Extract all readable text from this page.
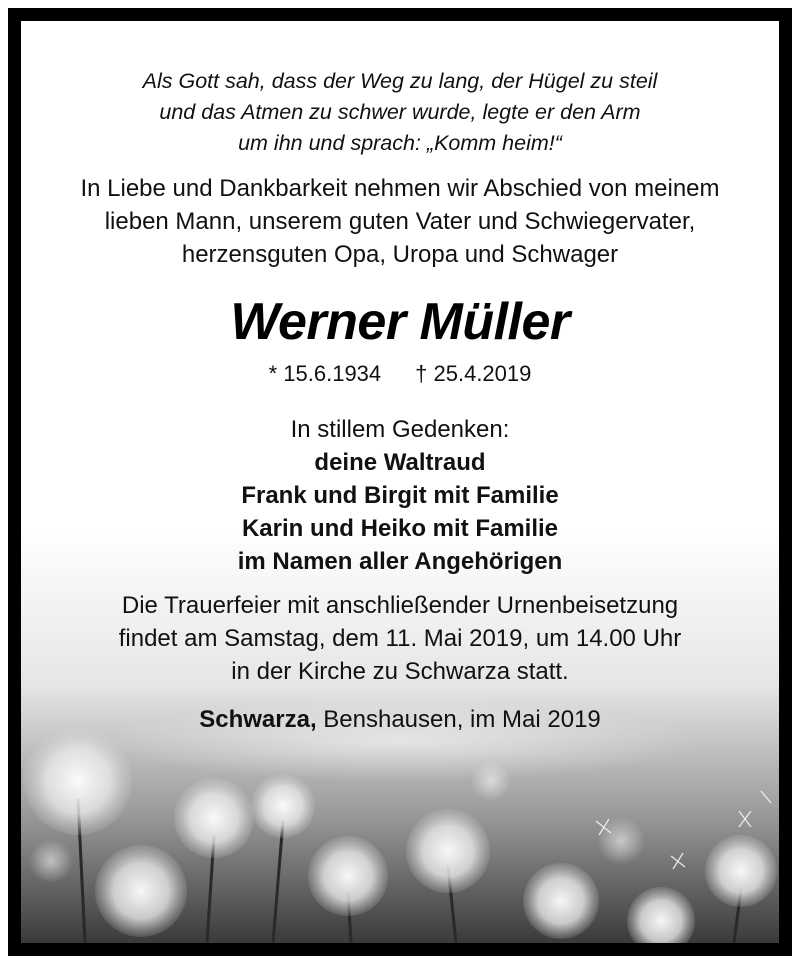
Als Gott sah, dass der Weg zu lang, der Hügel zu steil
und das Atmen zu schwer wurde, legte er den Arm
um ihn und sprach: „Komm heim!“
In Liebe und Dankbarkeit nehmen wir Abschied von meinem
lieben Mann, unserem guten Vater und Schwiegervater,
herzensguten Opa, Uropa und Schwager
Werner Müller
* 15.6.1934 † 25.4.2019
In stillem Gedenken:
deine Waltraud
Frank und Birgit mit Familie
Karin und Heiko mit Familie
im Namen aller Angehörigen
Die Trauerfeier mit anschließender Urnenbeisetzung
findet am Samstag, dem 11. Mai 2019, um 14.00 Uhr
in der Kirche zu Schwarza statt.
Schwarza, Benshausen, im Mai 2019
